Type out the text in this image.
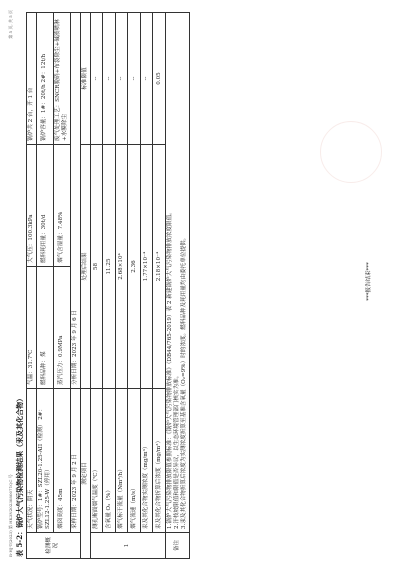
B-HJ-T(2023) 第 HK3N2023080071QC 号
第 5 页, 共 5 页
表 5-2：锅炉大气污染物检测结果（汞及其化合物）	检测概况	天气状况：阴天	气温：31.7℃	大气压：100.3kPa	锅炉共 2 台，开 1 台
	锅炉型号：1#：SZL20-1.25-AII（检测） 2#：SZL12-1.25-W（停用）	燃料品种：煤	燃料耗用量：30t/d	锅炉容量：1#：20t/h 2#：12t/h
	烟囱高度：45m	蒸汽压力：0.9MPa	烟气含湿量：7.48%	废气处理工艺：SNCR脱硝+布袋除尘+碱液喷淋+水膜除尘
	采样日期：2023 年 9 月 2 日	分析日期：2023 年 9 月 6 日		
测定项目		处理后结果		标准限值
1	测孔断面烟气温度（℃）	58		--
	含氧量 O₂（%）	11.25		--
	烟气标干流量（Nm³/h）	2.68×10⁴		--
	烟气流速（m/s）	2.36		--
	汞及其化合物实测浓度（mg/m³）	1.77×10⁻⁴		--
	汞及其化合物折算后浓度（mg/m³）	2.18×10⁻⁴		0.05
备注	1.锅炉大气污染物排放限值参照标准：《锅炉大气污染物排放标准》（DB44/765-2019）表 2 新建锅炉大气污染物排放浓度限值。 2.汗枝坡限值和限值是否异议，以生态环境管理部门核实为准。 3.汞及其化合物折算后浓度为实测浓度折算至基准含氧量（O₂=9%）时的浓度。燃料品种及耗用量均由委托单位提供。				***报告结束***
